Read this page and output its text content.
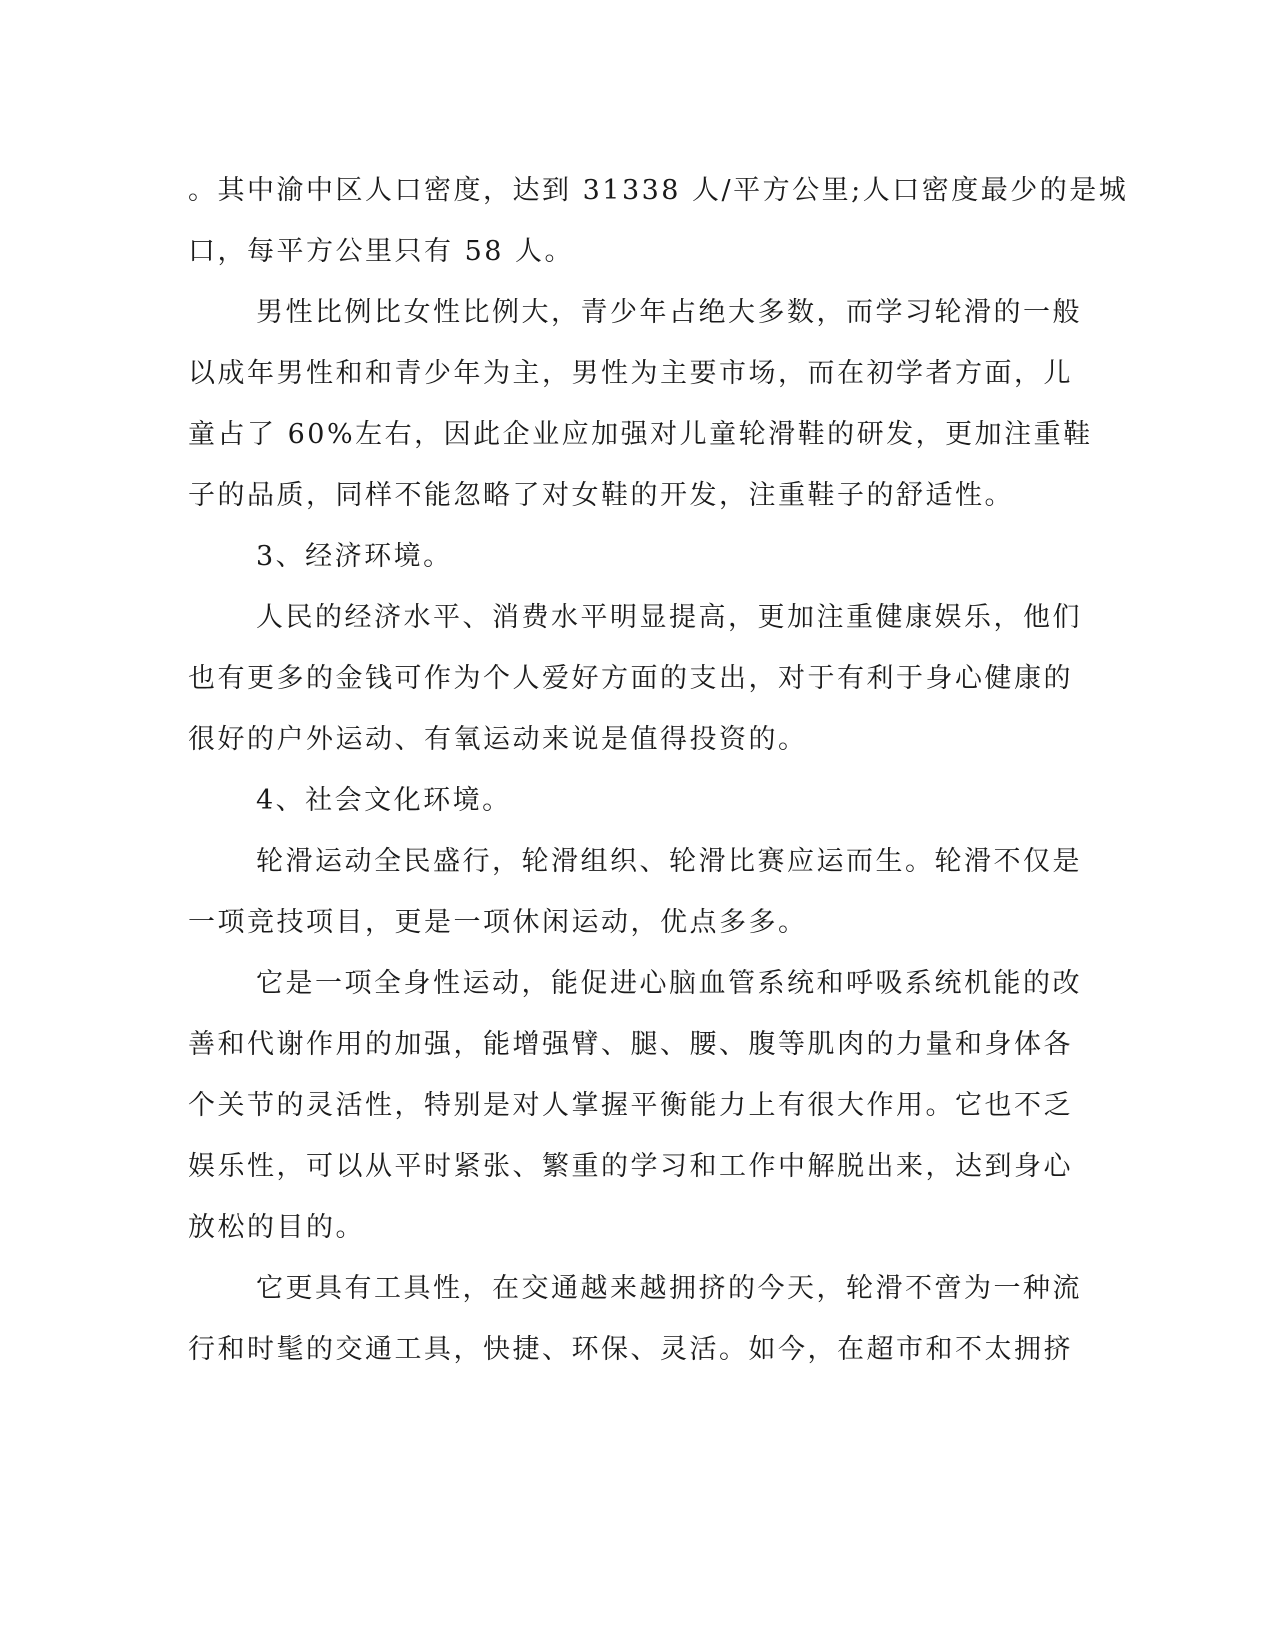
。其中渝中区人口密度，达到 31338 人/平方公里;人口密度最少的是城
口，每平方公里只有 58 人。
男性比例比女性比例大，青少年占绝大多数，而学习轮滑的一般
以成年男性和和青少年为主，男性为主要市场，而在初学者方面，儿
童占了 60%左右，因此企业应加强对儿童轮滑鞋的研发，更加注重鞋
子的品质，同样不能忽略了对女鞋的开发，注重鞋子的舒适性。
3、经济环境。
人民的经济水平、消费水平明显提高，更加注重健康娱乐，他们
也有更多的金钱可作为个人爱好方面的支出，对于有利于身心健康的
很好的户外运动、有氧运动来说是值得投资的。
4、社会文化环境。
轮滑运动全民盛行，轮滑组织、轮滑比赛应运而生。轮滑不仅是
一项竞技项目，更是一项休闲运动，优点多多。
它是一项全身性运动，能促进心脑血管系统和呼吸系统机能的改
善和代谢作用的加强，能增强臂、腿、腰、腹等肌肉的力量和身体各
个关节的灵活性，特别是对人掌握平衡能力上有很大作用。它也不乏
娱乐性，可以从平时紧张、繁重的学习和工作中解脱出来，达到身心
放松的目的。
它更具有工具性，在交通越来越拥挤的今天，轮滑不啻为一种流
行和时髦的交通工具，快捷、环保、灵活。如今，在超市和不太拥挤
